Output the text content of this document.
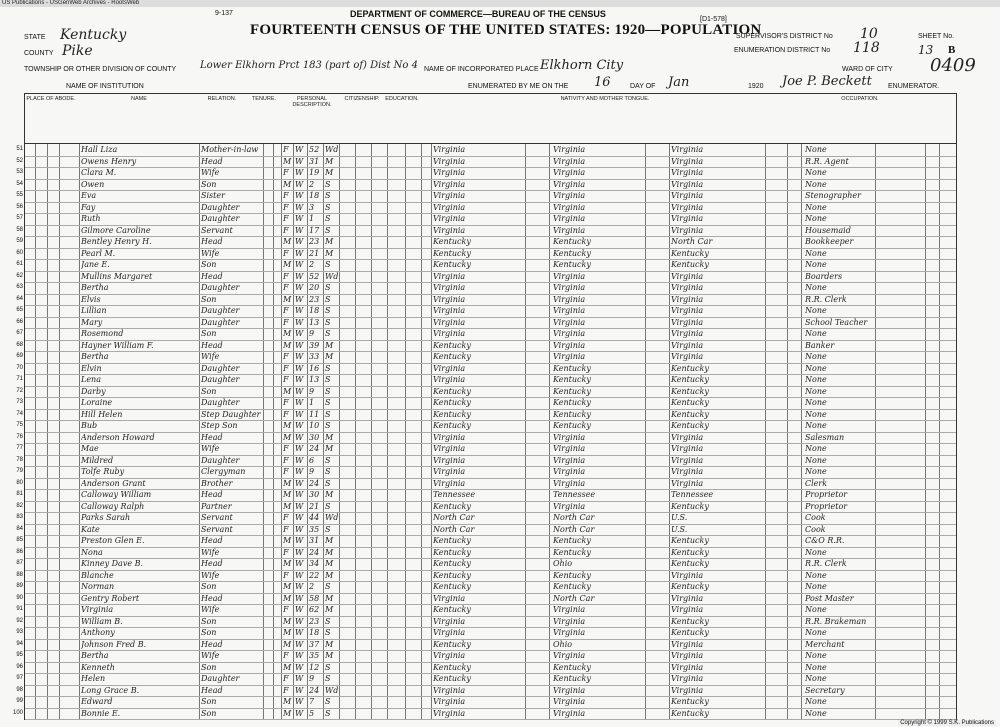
US Publications - USGenWeb Archives - RootsWeb
9-137
[D1-578]
DEPARTMENT OF COMMERCE—BUREAU OF THE CENSUS
FOURTEENTH CENSUS OF THE UNITED STATES: 1920—POPULATION
STATE Kentucky
COUNTY Pike
TOWNSHIP OR OTHER DIVISION OF COUNTY Lower Elkhorn Prct 183 (part of) Dist No 4 NAME OF INCORPORATED PLACE Elkhorn City
NAME OF INSTITUTION	ENUMERATED BY ME ON THE 16	DAY OF Jan	1920 Joe P. Beckett ENUMERATOR.
SUPERVISOR'S DISTRICT No 10
ENUMERATION DISTRICT No 118
SHEET No.
13 B
WARD OF CITY 0409
PLACE OF ABODE.	NAME	RELATION.	TENURE.	PERSONAL DESCRIPTION.
CITIZENSHIP.	EDUCATION.	NATIVITY AND MOTHER TONGUE.	OCCUPATION.
51	Hall Liza	Mother-in-law	F W 52 Wd	Virginia	Virginia	Virginia	None
52	Owens Henry	Head	M W 31 M	Virginia	Virginia	Virginia	R.R. Agent
53	Clara M.	Wife	F W 19 M	Virginia	Virginia	Virginia	None
54	Owen	Son	M W 2	S	Virginia	Virginia	Virginia	None
55	Eva	Sister	F W 18 S	Virginia	Virginia	Virginia	Stenographer
56	Fay	Daughter	F W 3	S	Virginia	Virginia	Virginia	None
57	Ruth	Daughter	F W 1	S	Virginia	Virginia	Virginia	None
58	Gilmore Caroline	Servant	F W 17 S	Virginia	Virginia	Virginia	Housemaid
59	Bentley Henry H.	Head	M W 23 M	Kentucky	Kentucky	North Car	Bookkeeper
60	Pearl M.	Wife	F W 21 M	Kentucky	Kentucky	Kentucky	None
61	Jane E.	Son	M W 2	S	Kentucky	Kentucky	Kentucky	None
62	Mullins Margaret	Head	F W 52 Wd	Virginia	Virginia	Virginia	Boarders
63	Bertha	Daughter	F W 20 S	Virginia	Virginia	Virginia	None
64	Elvis	Son	M W 23 S	Virginia	Virginia	Virginia	R.R. Clerk
65	Lillian	Daughter	F W 18 S	Virginia	Virginia	Virginia	None
66	Mary	Daughter	F W 13 S	Virginia	Virginia	Virginia	School Teacher
67	Rosemond	Son	M W 9	S	Virginia	Virginia	Virginia	None
68	Hayner William F.	Head	M W 39 M	Kentucky	Virginia	Virginia	Banker
69	Bertha	Wife	F W 33 M	Kentucky	Virginia	Virginia	None
70	Elvin	Daughter	F W 16 S	Virginia	Kentucky	Kentucky	None
71	Lena	Daughter	F W 13 S	Virginia	Kentucky	Kentucky	None
72	Darby	Son	M W 9	S	Kentucky	Kentucky	Kentucky	None
73	Loraine	Daughter	F W 1	S	Kentucky	Kentucky	Kentucky	None
74	Hill Helen	Step Daughter	F W 11 S	Kentucky	Kentucky	Kentucky	None
75	Bub	Step Son	M W 10 S	Kentucky	Kentucky	Kentucky	None
76	Anderson Howard	Head	M W 30 M	Virginia	Virginia	Virginia	Salesman
77	Mae	Wife	F W 24 M	Virginia	Virginia	Virginia	None
78	Mildred	Daughter	F W 6	S	Virginia	Virginia	Virginia	None
79	Tolfe Ruby	Clergyman	F W 9	S	Virginia	Virginia	Virginia	None
80	Anderson Grant	Brother	M W 24 S	Virginia	Virginia	Virginia	Clerk
81	Calloway William	Head	M W 30 M	Tennessee	Tennessee	Tennessee	Proprietor
82	Calloway Ralph	Partner	M W 21 S	Kentucky	Virginia	Kentucky	Proprietor
83	Parks Sarah	Servant	F W 44 Wd	North Car	North Car	U.S.	Cook
84	Kate	Servant	F W 35 S	North Car	North Car	U.S.	Cook
85	Preston Glen E.	Head	M W 31 M	Kentucky	Kentucky	Kentucky	C&O R.R.
86	Nona	Wife	F W 24 M	Kentucky	Kentucky	Kentucky	None
87	Kinney Dave B.	Head	M W 34 M	Kentucky	Ohio	Kentucky	R.R. Clerk
88	Blanche	Wife	F W 22 M	Kentucky	Kentucky	Virginia	None
89	Norman	Son	M W 2	S	Kentucky	Kentucky	Kentucky	None
90	Gentry Robert	Head	M W 58 M	Virginia	North Car	Virginia	Post Master
91	Virginia	Wife	F W 62 M	Kentucky	Virginia	Virginia	None
92	William B.	Son	M W 23 S	Virginia	Virginia	Kentucky	R.R. Brakeman
93	Anthony	Son	M W 18 S	Virginia	Virginia	Kentucky	None
94	Johnson Fred B.	Head	M W 37 M	Kentucky	Ohio	Virginia	Merchant
95	Bertha	Wife	F W 35 M	Virginia	Virginia	Virginia	None
96	Kenneth	Son	M W 12 S	Kentucky	Kentucky	Virginia	None
97	Helen	Daughter	F W 9	S	Kentucky	Kentucky	Virginia	None
98	Long Grace B.	Head	F W 24 Wd	Virginia	Virginia	Virginia	Secretary
99	Edward	Son	M W 7	S	Virginia	Virginia	Kentucky	None
100	Bonnie E.	Son	M W 5	S	Virginia	Virginia	Kentucky	None
Copyright © 1999 S.K. Publications
